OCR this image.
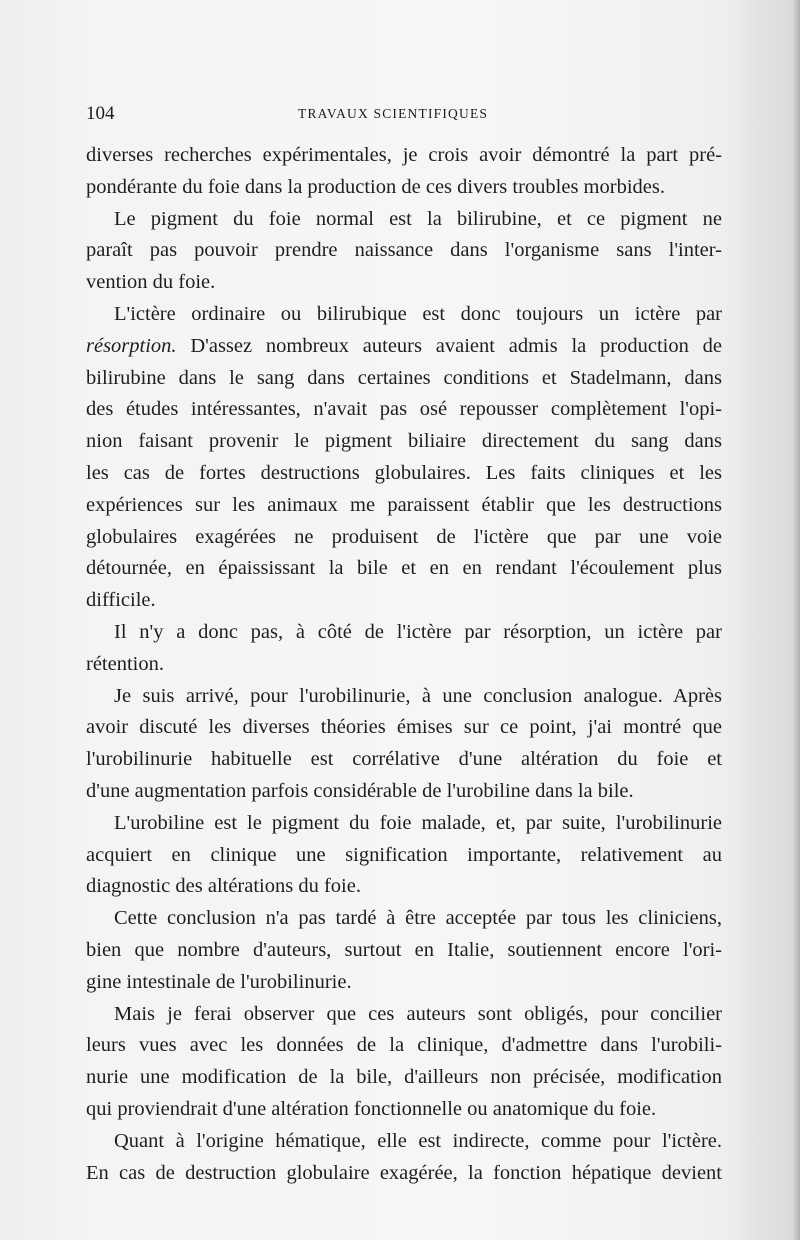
104	TRAVAUX SCIENTIFIQUES
diverses recherches expérimentales, je crois avoir démontré la part pré-
pondérante du foie dans la production de ces divers troubles morbides.
Le pigment du foie normal est la bilirubine, et ce pigment ne
paraît pas pouvoir prendre naissance dans l'organisme sans l'inter-
vention du foie.
L'ictère ordinaire ou bilirubique est donc toujours un ictère par
résorption. D'assez nombreux auteurs avaient admis la production de
bilirubine dans le sang dans certaines conditions et Stadelmann, dans
des études intéressantes, n'avait pas osé repousser complètement l'opi-
nion faisant provenir le pigment biliaire directement du sang dans
les cas de fortes destructions globulaires. Les faits cliniques et les
expériences sur les animaux me paraissent établir que les destructions
globulaires exagérées ne produisent de l'ictère que par une voie
détournée, en épaississant la bile et en en rendant l'écoulement plus
difficile.
Il n'y a donc pas, à côté de l'ictère par résorption, un ictère par
rétention.
Je suis arrivé, pour l'urobilinurie, à une conclusion analogue. Après
avoir discuté les diverses théories émises sur ce point, j'ai montré que
l'urobilinurie habituelle est corrélative d'une altération du foie et
d'une augmentation parfois considérable de l'urobiline dans la bile.
L'urobiline est le pigment du foie malade, et, par suite, l'urobilinurie
acquiert en clinique une signification importante, relativement au
diagnostic des altérations du foie.
Cette conclusion n'a pas tardé à être acceptée par tous les cliniciens,
bien que nombre d'auteurs, surtout en Italie, soutiennent encore l'ori-
gine intestinale de l'urobilinurie.
Mais je ferai observer que ces auteurs sont obligés, pour concilier
leurs vues avec les données de la clinique, d'admettre dans l'urobili-
nurie une modification de la bile, d'ailleurs non précisée, modification
qui proviendrait d'une altération fonctionnelle ou anatomique du foie.
Quant à l'origine hématique, elle est indirecte, comme pour l'ictère.
En cas de destruction globulaire exagérée, la fonction hépatique devient
